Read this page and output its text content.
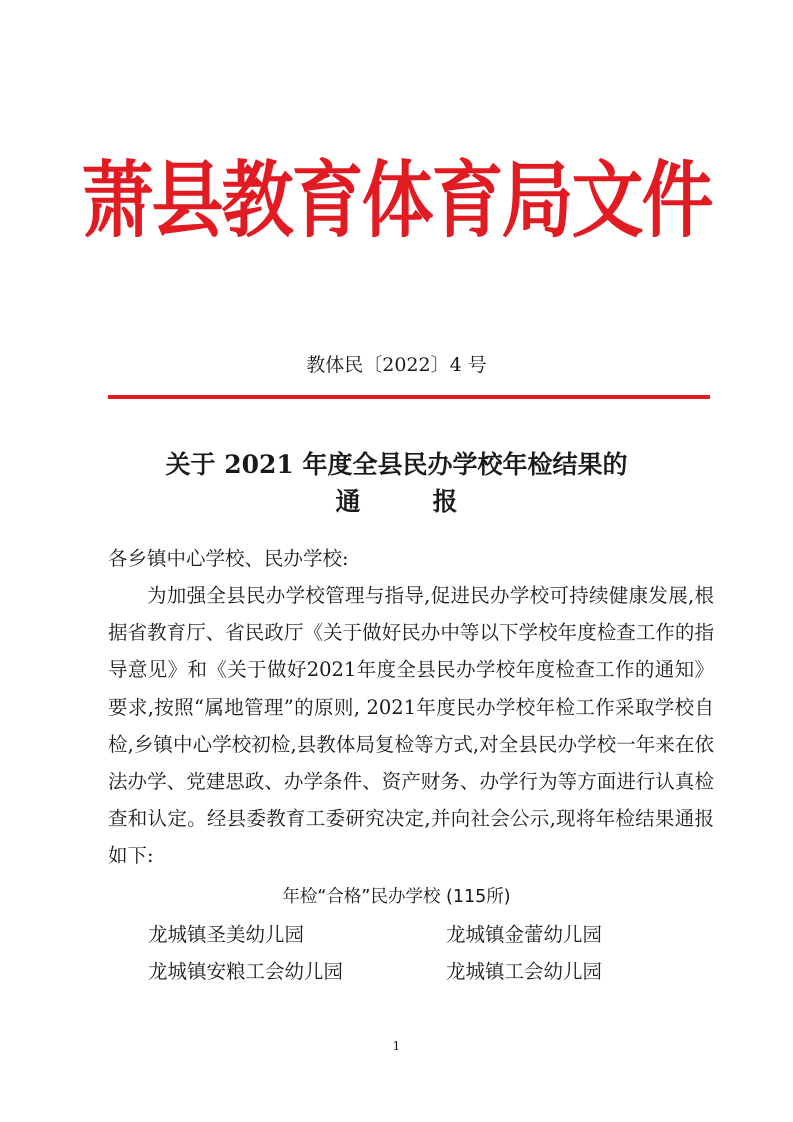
萧县教育体育局文件
教体民〔2022〕4 号
关于 2021 年度全县民办学校年检结果的
通报
各乡镇中心学校、民办学校:
为加强全县民办学校管理与指导,促进民办学校可持续健康发展,根据省教育厅、省民政厅《关于做好民办中等以下学校年度检查工作的指导意见》和《关于做好2021年度全县民办学校年度检查工作的通知》要求,按照“属地管理”的原则, 2021年度民办学校年检工作采取学校自检,乡镇中心学校初检,县教体局复检等方式,对全县民办学校一年来在依法办学、党建思政、办学条件、资产财务、办学行为等方面进行认真检查和认定。经县委教育工委研究决定,并向社会公示,现将年检结果通报如下:
年检“合格”民办学校 (115所)
龙城镇圣美幼儿园	龙城镇金蕾幼儿园
龙城镇安粮工会幼儿园	龙城镇工会幼儿园
1
